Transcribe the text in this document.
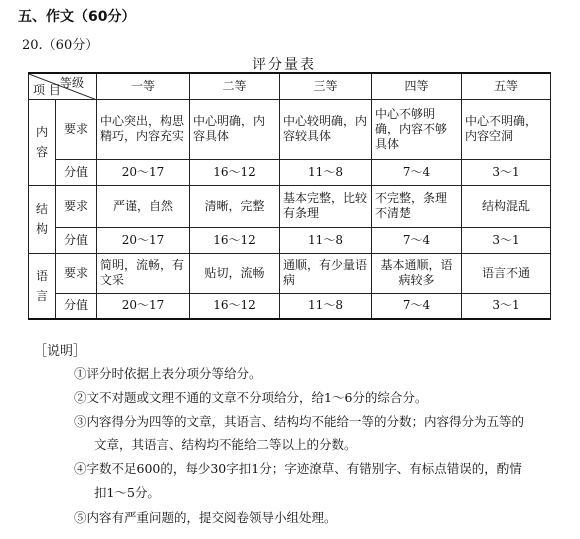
五、作文（60分）
20.（60分）
评分量表
等级
项 目		一等	二等	三等	四等	五等
内容	要求	中心突出，构思精巧，内容充实	中心明确，内容具体	中心较明确，内容较具体	中心不够明确，内容不够具体	中心不明确，内容空洞
	分值	20～17	16～12	11～8	7～4	3～1
结构	要求	严谨，自然	清晰，完整	基本完整，比较有条理	不完整，条理不清楚	结构混乱
	分值	20～17	16～12	11～8	7～4	3～1
语言	要求	简明，流畅，有文采	贴切，流畅	通顺，有少量语病	基本通顺，语病较多	语言不通
	分值	20～17	16～12	11～8	7～4	3～1
［说明］
①评分时依据上表分项分等给分。
②文不对题或文理不通的文章不分项给分，给1～6分的综合分。
③内容得分为四等的文章，其语言、结构均不能给一等的分数；内容得分为五等的
文章，其语言、结构均不能给二等以上的分数。
④字数不足600的，每少30字扣1分；字迹潦草、有错别字、有标点错误的，酌情
扣1～5分。
⑤内容有严重问题的，提交阅卷领导小组处理。
